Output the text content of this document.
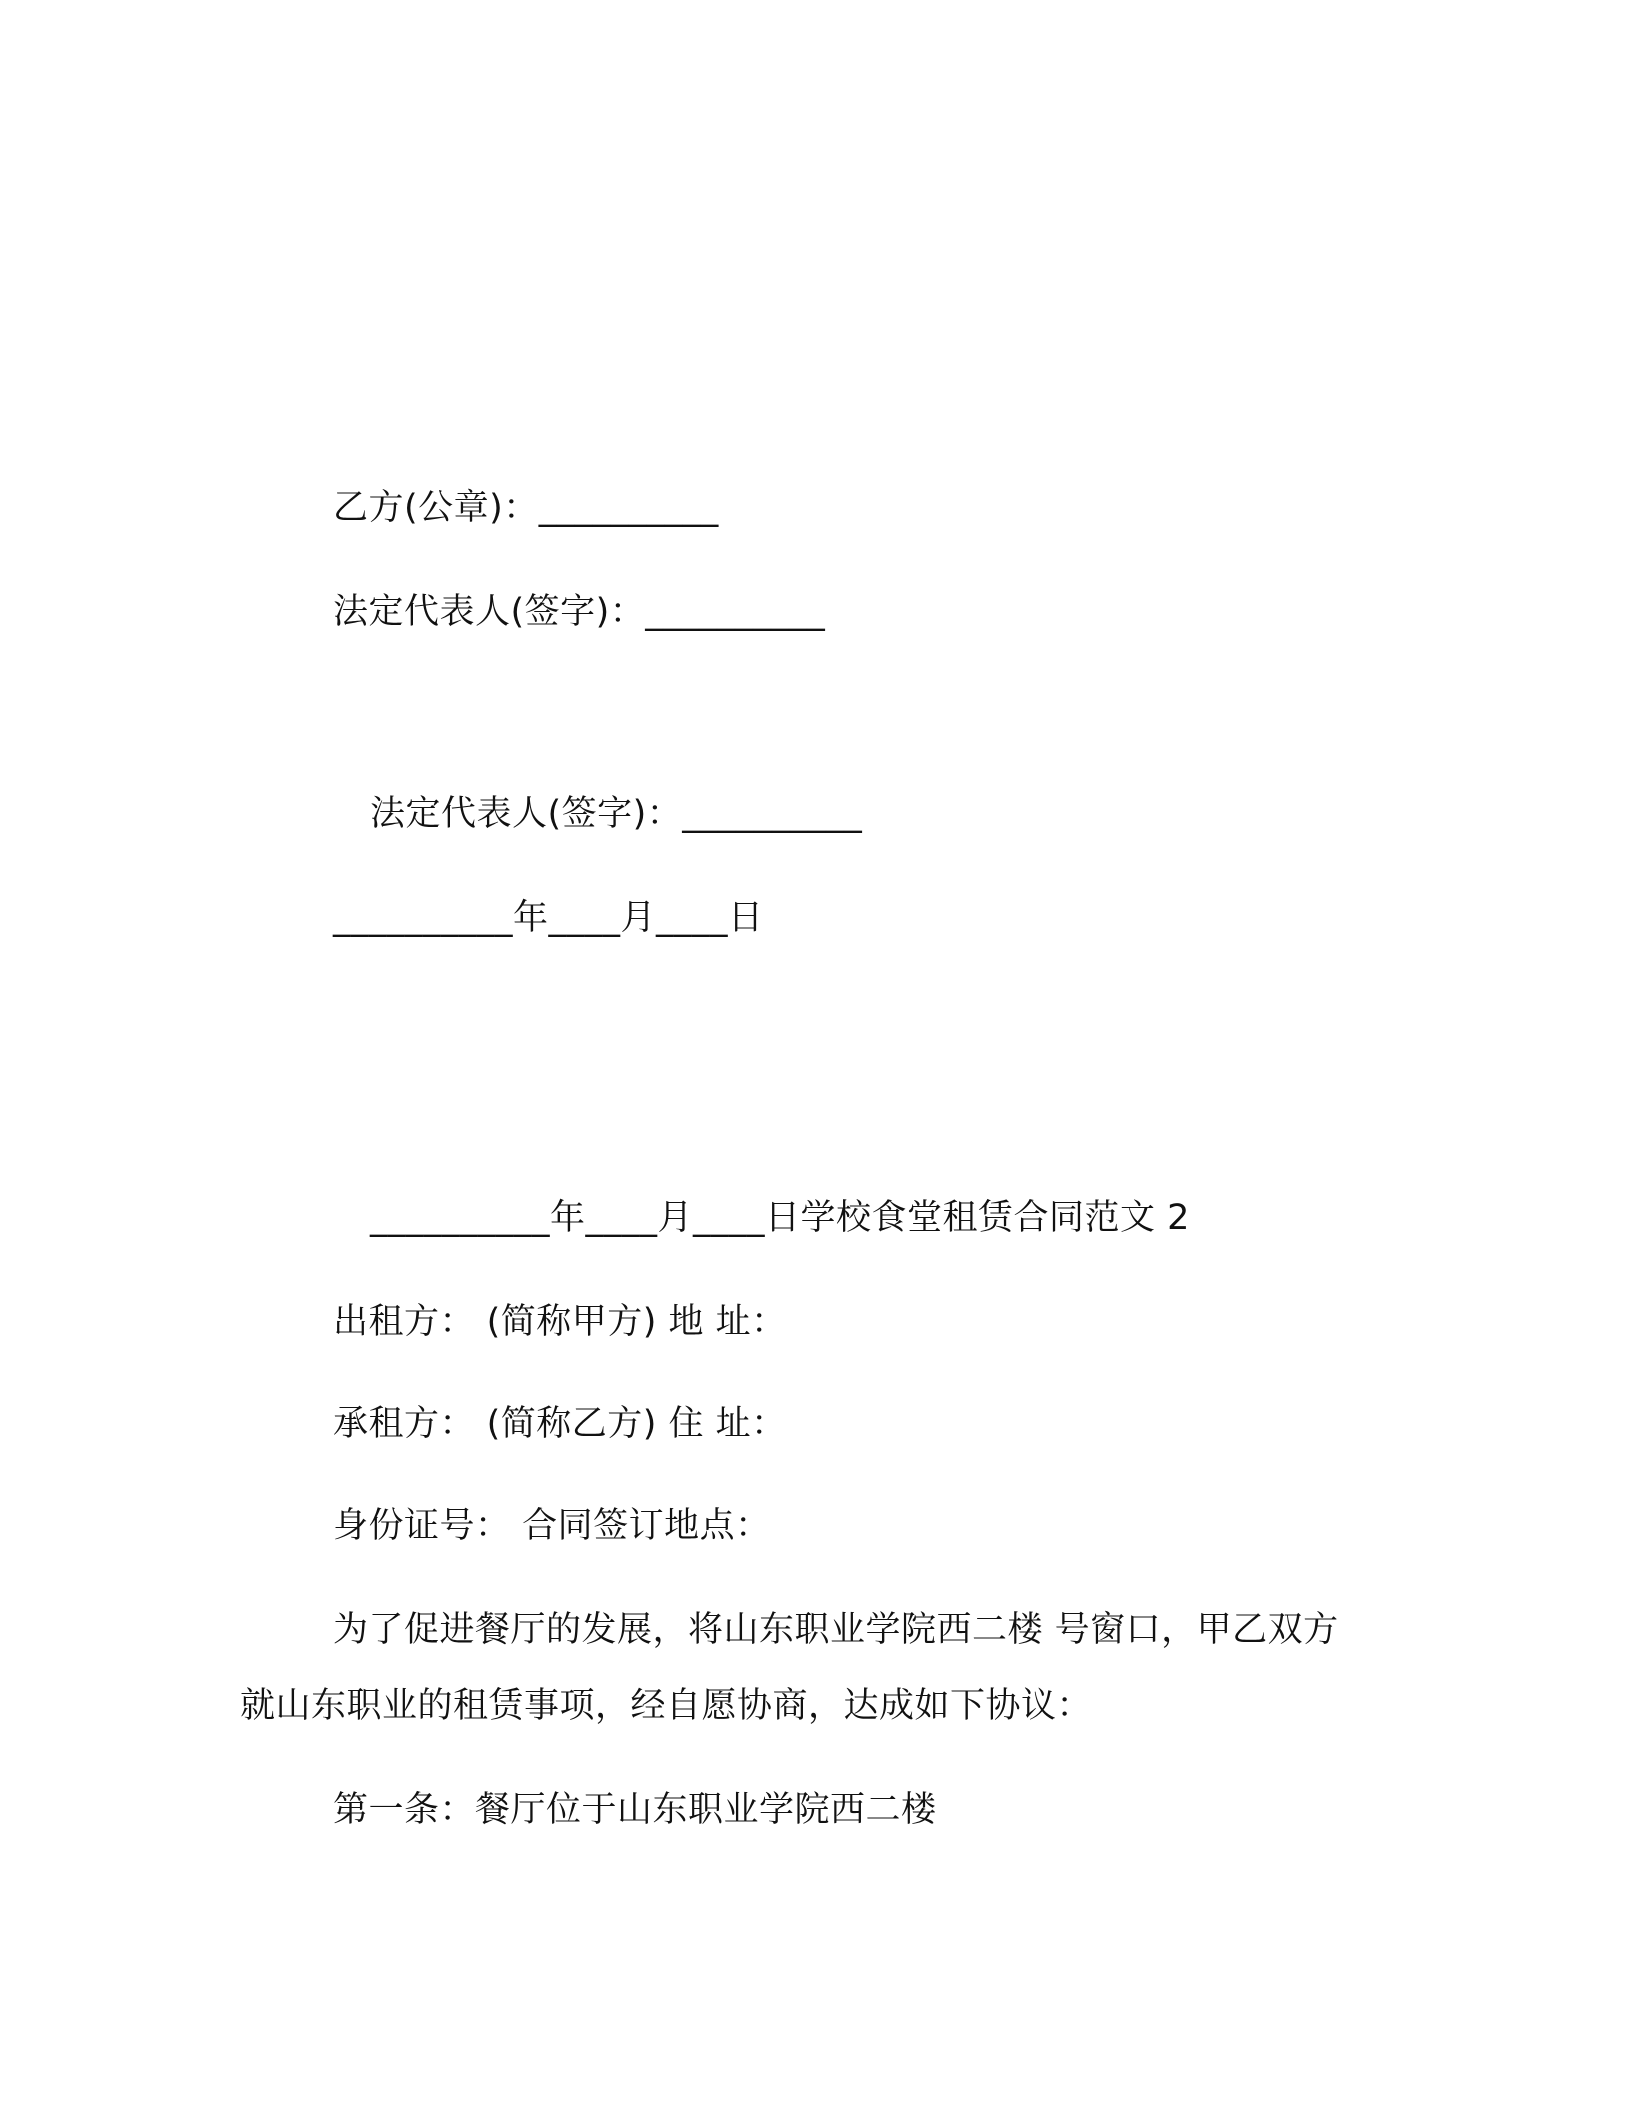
乙方(公章)：__________
法定代表人(签字)：__________
法定代表人(签字)：__________
__________年____月____日
__________年____月____日学校食堂租赁合同范文 2
出租方： (简称甲方) 地 址：
承租方： (简称乙方) 住 址：
身份证号： 合同签订地点：
为了促进餐厅的发展，将山东职业学院西二楼 号窗口，甲乙双方
就山东职业的租赁事项，经自愿协商，达成如下协议：
第一条：餐厅位于山东职业学院西二楼
